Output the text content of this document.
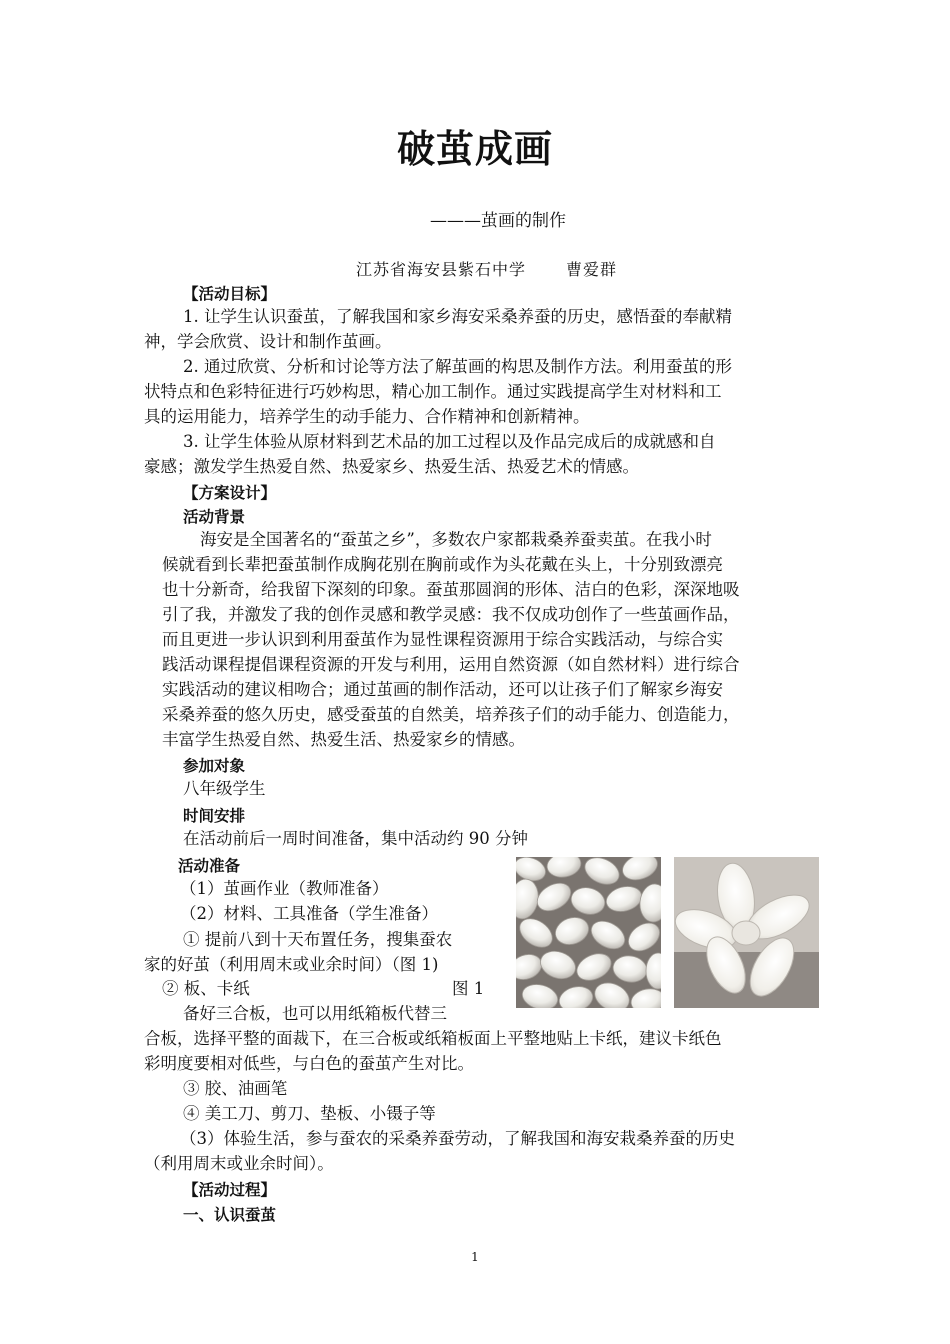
破茧成画
———茧画的制作
江苏省海安县紫石中学	曹爱群
【活动目标】
1. 让学生认识蚕茧，了解我国和家乡海安采桑养蚕的历史，感悟蚕的奉献精
神，学会欣赏、设计和制作茧画。
2. 通过欣赏、分析和讨论等方法了解茧画的构思及制作方法。利用蚕茧的形
状特点和色彩特征进行巧妙构思，精心加工制作。通过实践提高学生对材料和工
具的运用能力，培养学生的动手能力、合作精神和创新精神。
3. 让学生体验从原材料到艺术品的加工过程以及作品完成后的成就感和自
豪感；激发学生热爱自然、热爱家乡、热爱生活、热爱艺术的情感。
【方案设计】
活动背景
海安是全国著名的“蚕茧之乡”，多数农户家都栽桑养蚕卖茧。在我小时
候就看到长辈把蚕茧制作成胸花别在胸前或作为头花戴在头上，十分别致漂亮
也十分新奇，给我留下深刻的印象。蚕茧那圆润的形体、洁白的色彩，深深地吸
引了我，并激发了我的创作灵感和教学灵感：我不仅成功创作了一些茧画作品，
而且更进一步认识到利用蚕茧作为显性课程资源用于综合实践活动，与综合实
践活动课程提倡课程资源的开发与利用，运用自然资源（如自然材料）进行综合
实践活动的建议相吻合；通过茧画的制作活动，还可以让孩子们了解家乡海安
采桑养蚕的悠久历史，感受蚕茧的自然美，培养孩子们的动手能力、创造能力，
丰富学生热爱自然、热爱生活、热爱家乡的情感。
参加对象
八年级学生
时间安排
在活动前后一周时间准备，集中活动约 90 分钟
活动准备
（1）茧画作业（教师准备）
（2）材料、工具准备（学生准备）
① 提前八到十天布置任务，搜集蚕农
家的好茧（利用周末或业余时间）（图 1)
② 板、卡纸	图 1
备好三合板，也可以用纸箱板代替三
合板，选择平整的面裁下，在三合板或纸箱板面上平整地贴上卡纸，建议卡纸色
彩明度要相对低些，与白色的蚕茧产生对比。
③ 胶、油画笔
④ 美工刀、剪刀、垫板、小镊子等
（3）体验生活，参与蚕农的采桑养蚕劳动，了解我国和海安栽桑养蚕的历史
（利用周末或业余时间）。
【活动过程】
一、认识蚕茧
1
